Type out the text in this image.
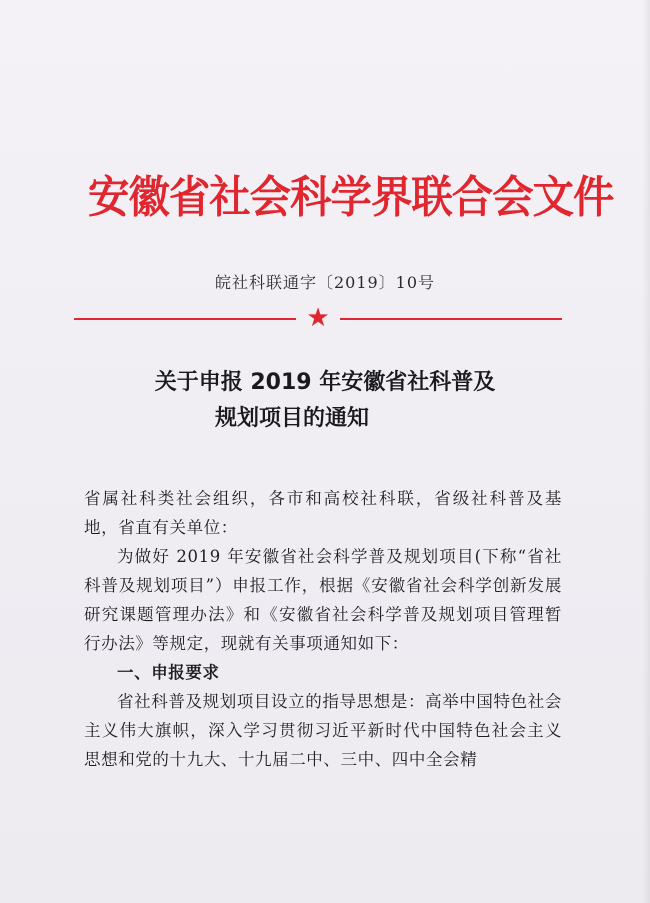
安徽省社会科学界联合会文件
皖社科联通字〔2019〕10号
★
关于申报 2019 年安徽省社科普及
规划项目的通知

省属社科类社会组织，各市和高校社科联，省级社科普及基地，省直有关单位：

为做好 2019 年安徽省社会科学普及规划项目(下称“省社科普及规划项目”）申报工作，根据《安徽省社会科学创新发展研究课题管理办法》和《安徽省社会科学普及规划项目管理暂行办法》等规定，现就有关事项通知如下：

一、申报要求

省社科普及规划项目设立的指导思想是：高举中国特色社会主义伟大旗帜，深入学习贯彻习近平新时代中国特色社会主义思想和党的十九大、十九届二中、三中、四中全会精
